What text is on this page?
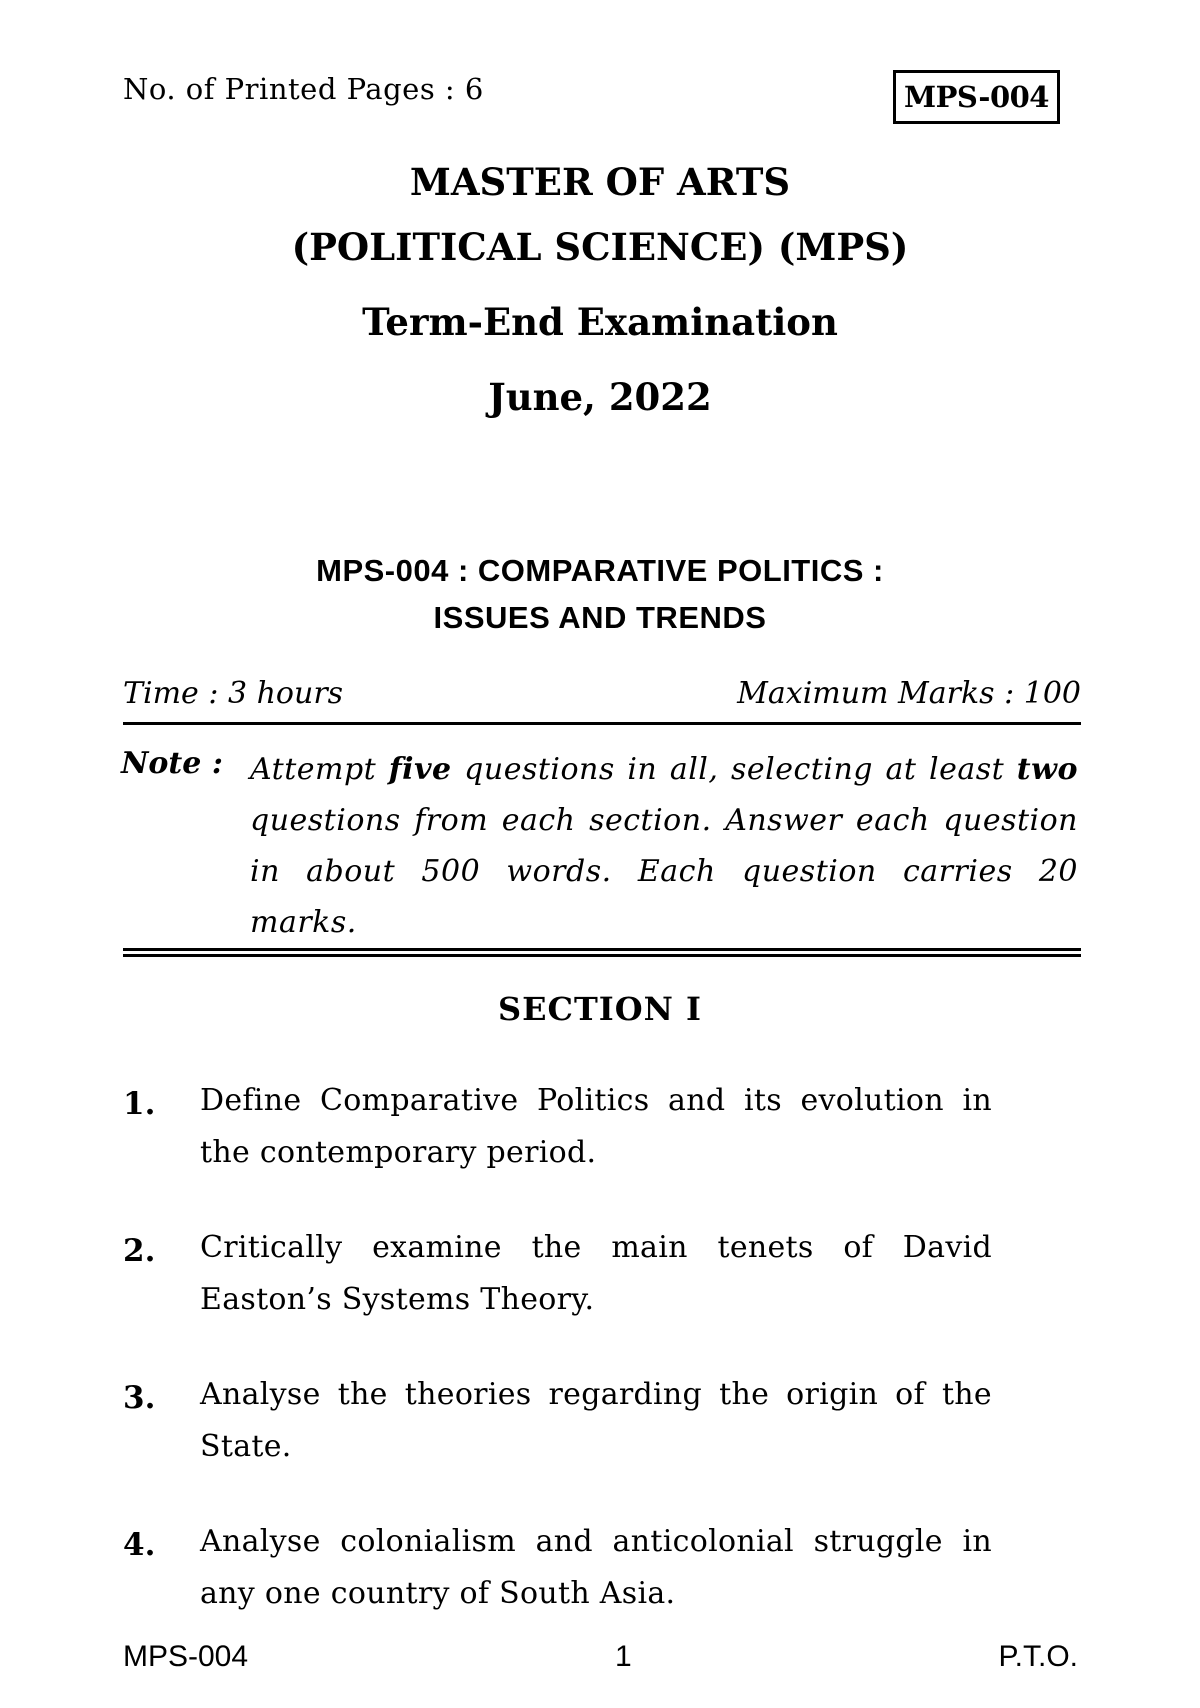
No. of Printed Pages : 6	MPS-004
MASTER OF ARTS
(POLITICAL SCIENCE) (MPS)
Term-End Examination
June, 2022
MPS-004 : COMPARATIVE POLITICS :
ISSUES AND TRENDS
Time : 3 hours	Maximum Marks : 100
Note : Attempt five questions in all, selecting at least two questions from each section. Answer each question in about 500 words. Each question carries 20 marks.
SECTION I
1. Define Comparative Politics and its evolution in the contemporary period.
2. Critically examine the main tenets of David Easton’s Systems Theory.
3. Analyse the theories regarding the origin of the State.
4. Analyse colonialism and anticolonial struggle in any one country of South Asia.
MPS-004	1	P.T.O.
